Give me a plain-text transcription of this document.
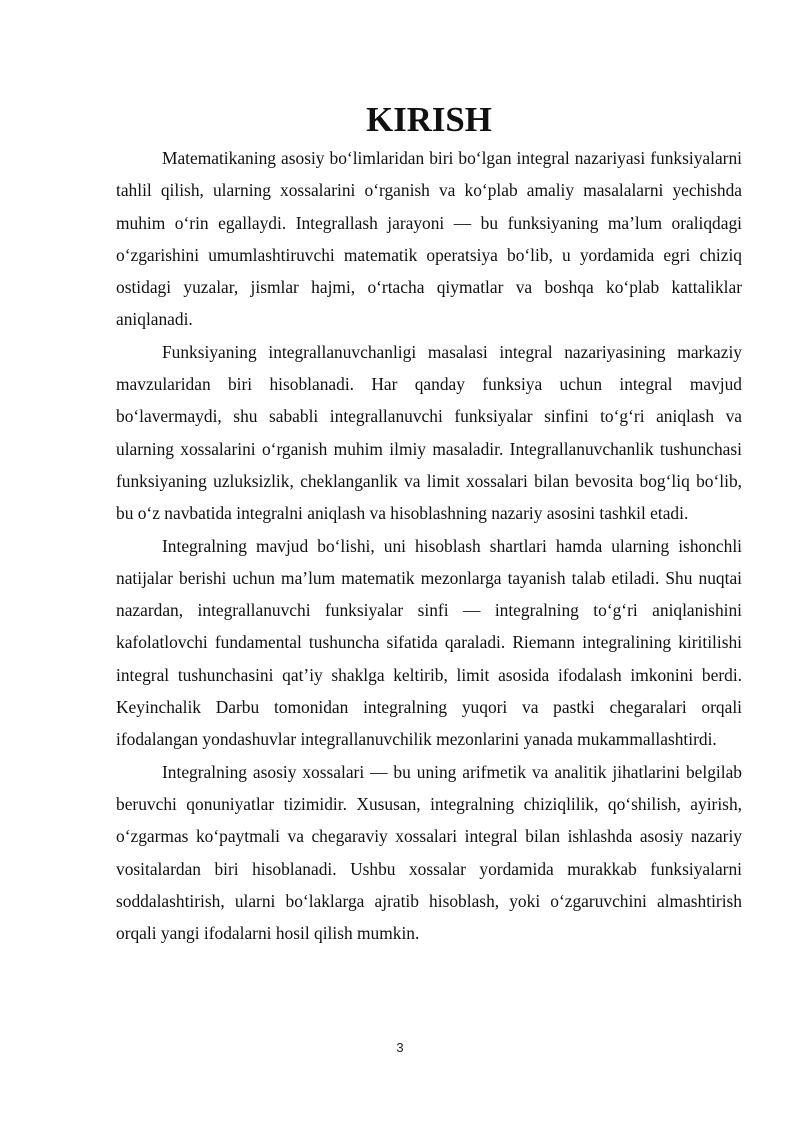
KIRISH

Matematikaning asosiy bo‘limlaridan biri bo‘lgan integral nazariyasi funksiyalarni tahlil qilish, ularning xossalarini o‘rganish va ko‘plab amaliy masalalarni yechishda muhim o‘rin egallaydi. Integrallash jarayoni — bu funksiyaning ma’lum oraliqdagi o‘zgarishini umumlashtiruvchi matematik operatsiya bo‘lib, u yordamida egri chiziq ostidagi yuzalar, jismlar hajmi, o‘rtacha qiymatlar va boshqa ko‘plab kattaliklar aniqlanadi.

Funksiyaning integrallanuvchanligi masalasi integral nazariyasining markaziy mavzularidan biri hisoblanadi. Har qanday funksiya uchun integral mavjud bo‘lavermaydi, shu sababli integrallanuvchi funksiyalar sinfini to‘g‘ri aniqlash va ularning xossalarini o‘rganish muhim ilmiy masaladir. Integrallanuvchanlik tushunchasi funksiyaning uzluksizlik, cheklanganlik va limit xossalari bilan bevosita bog‘liq bo‘lib, bu o‘z navbatida integralni aniqlash va hisoblashning nazariy asosini tashkil etadi.

Integralning mavjud bo‘lishi, uni hisoblash shartlari hamda ularning ishonchli natijalar berishi uchun ma’lum matematik mezonlarga tayanish talab etiladi. Shu nuqtai nazardan, integrallanuvchi funksiyalar sinfi — integralning to‘g‘ri aniqlanishini kafolatlovchi fundamental tushuncha sifatida qaraladi. Riemann integralining kiritilishi integral tushunchasini qat’iy shaklga keltirib, limit asosida ifodalash imkonini berdi. Keyinchalik Darbu tomonidan integralning yuqori va pastki chegaralari orqali ifodalangan yondashuvlar integrallanuvchilik mezonlarini yanada mukammallashtirdi.

Integralning asosiy xossalari — bu uning arifmetik va analitik jihatlarini belgilab beruvchi qonuniyatlar tizimidir. Xususan, integralning chiziqlilik, qo‘shilish, ayirish, o‘zgarmas ko‘paytmali va chegaraviy xossalari integral bilan ishlashda asosiy nazariy vositalardan biri hisoblanadi. Ushbu xossalar yordamida murakkab funksiyalarni soddalashtirish, ularni bo‘laklarga ajratib hisoblash, yoki o‘zgaruvchini almashtirish orqali yangi ifodalarni hosil qilish mumkin.

3
